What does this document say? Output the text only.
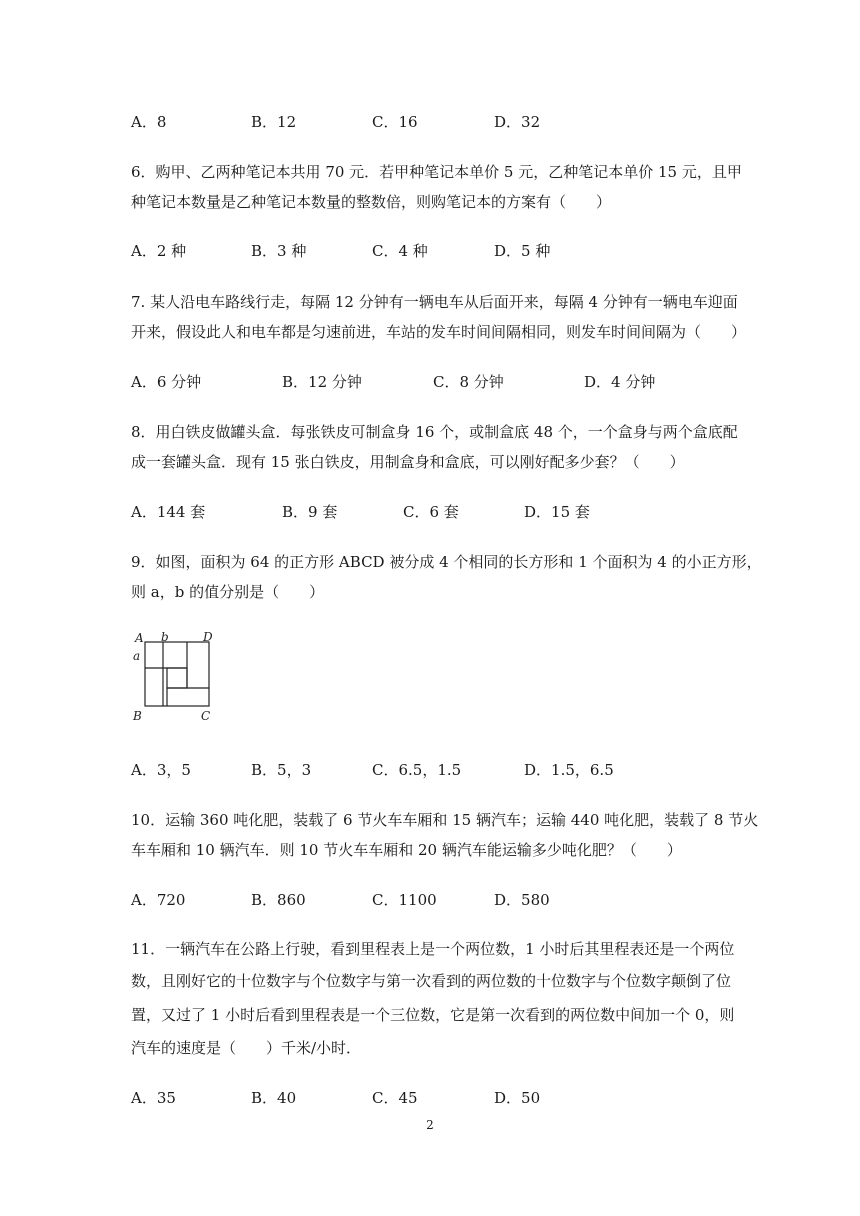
A．8	B．12	C．16	D．32
6．购甲、乙两种笔记本共用 70 元．若甲种笔记本单价 5 元，乙种笔记本单价 15 元，且甲
种笔记本数量是乙种笔记本数量的整数倍，则购笔记本的方案有（　　）
A．2 种	B．3 种	C．4 种	D．5 种
7. 某人沿电车路线行走，每隔 12 分钟有一辆电车从后面开来，每隔 4 分钟有一辆电车迎面
开来，假设此人和电车都是匀速前进，车站的发车时间间隔相同，则发车时间间隔为（　　）
A．6 分钟	B．12 分钟	C．8 分钟	D．4 分钟
8．用白铁皮做罐头盒．每张铁皮可制盒身 16 个，或制盒底 48 个，一个盒身与两个盒底配
成一套罐头盒．现有 15 张白铁皮，用制盒身和盒底，可以刚好配多少套？（　　）
A．144 套	B．9 套	C．6 套	D．15 套
9．如图，面积为 64 的正方形 ABCD 被分成 4 个相同的长方形和 1 个面积为 4 的小正方形，
则 a，b 的值分别是（　　）
A b	D
a
B	C
A．3，5	B．5，3	C．6.5，1.5	D．1.5，6.5
10．运输 360 吨化肥，装载了 6 节火车车厢和 15 辆汽车；运输 440 吨化肥，装载了 8 节火
车车厢和 10 辆汽车．则 10 节火车车厢和 20 辆汽车能运输多少吨化肥？（　　）
A．720	B．860	C．1100	D．580
11．一辆汽车在公路上行驶，看到里程表上是一个两位数，1 小时后其里程表还是一个两位
数，且刚好它的十位数字与个位数字与第一次看到的两位数的十位数字与个位数字颠倒了位
置，又过了 1 小时后看到里程表是一个三位数，它是第一次看到的两位数中间加一个 0，则
汽车的速度是（　　）千米/小时．
A．35	B．40	C．45	D．50
2
